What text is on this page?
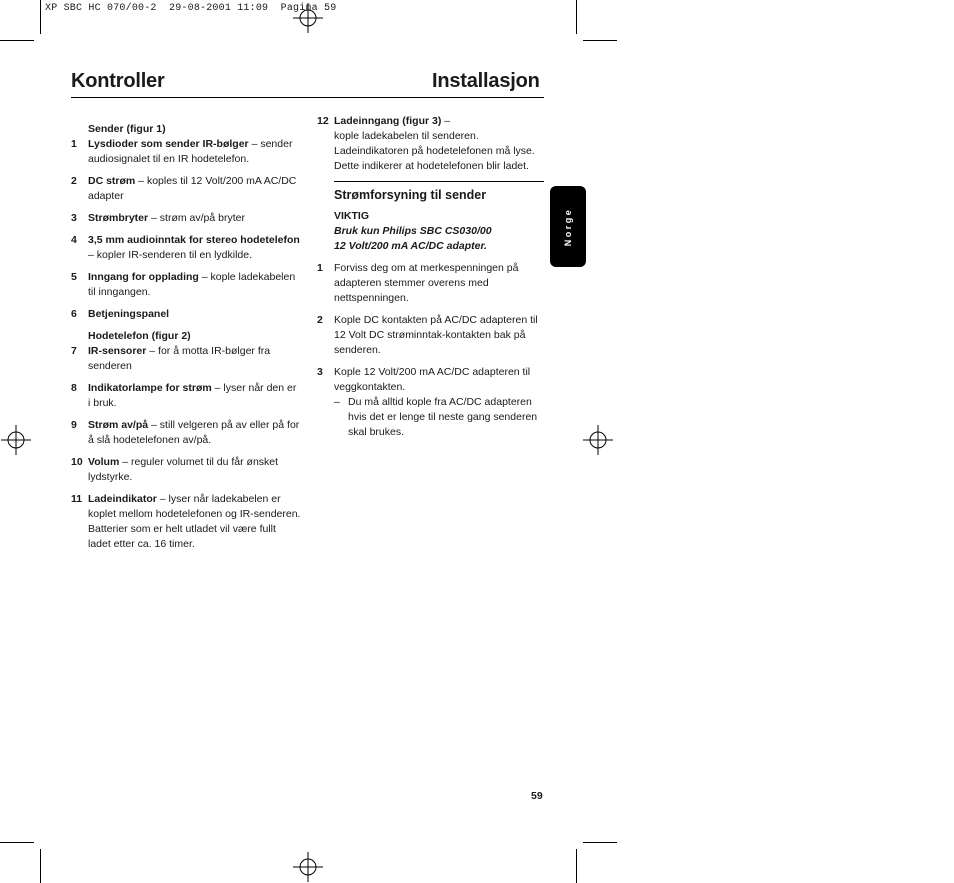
XP SBC HC 070/00-2  29-08-2001 11:09  Pagina 59
Kontroller	Installasjon
Sender (figur 1)
1	Lysdioder som sender IR-bølger – sender audiosignalet til en IR hodetelefon.
2	DC strøm – koples til 12 Volt/200 mA AC/DC adapter
3	Strømbryter – strøm av/på bryter
4	3,5 mm audioinntak for stereo hodetelefon – kopler IR-senderen til en lydkilde.
5	Inngang for opplading – kople ladekabelen til inngangen.
6	Betjeningspanel
Hodetelefon (figur 2)
7	IR-sensorer – for å motta IR-bølger fra senderen
8	Indikatorlampe for strøm – lyser når den er i bruk.
9	Strøm av/på – still velgeren på av eller på for å slå hodetelefonen av/på.
10 Volum – reguler volumet til du får ønsket lydstyrke.
11 Ladeindikator – lyser når ladekabelen er koplet mellom hodetelefonen og IR-senderen. Batterier som er helt utladet vil være fullt ladet etter ca. 16 timer.
12 Ladeinngang (figur 3) –
kople ladekabelen til senderen. Ladeindikatoren på hodetelefonen må lyse. Dette indikerer at hodetelefonen blir ladet.
Strømforsyning til sender
VIKTIG
Bruk kun Philips SBC CS030/00
12 Volt/200 mA AC/DC adapter.
1	Forviss deg om at merkespenningen på adapteren stemmer overens med nettspenningen.
2	Kople DC kontakten på AC/DC adapteren til 12 Volt DC strøminntak-kontakten bak på senderen.
3	Kople 12 Volt/200 mA AC/DC adapteren til veggkontakten.
– Du må alltid kople fra AC/DC adapteren hvis det er lenge til neste gang senderen skal brukes.
Norge
59
